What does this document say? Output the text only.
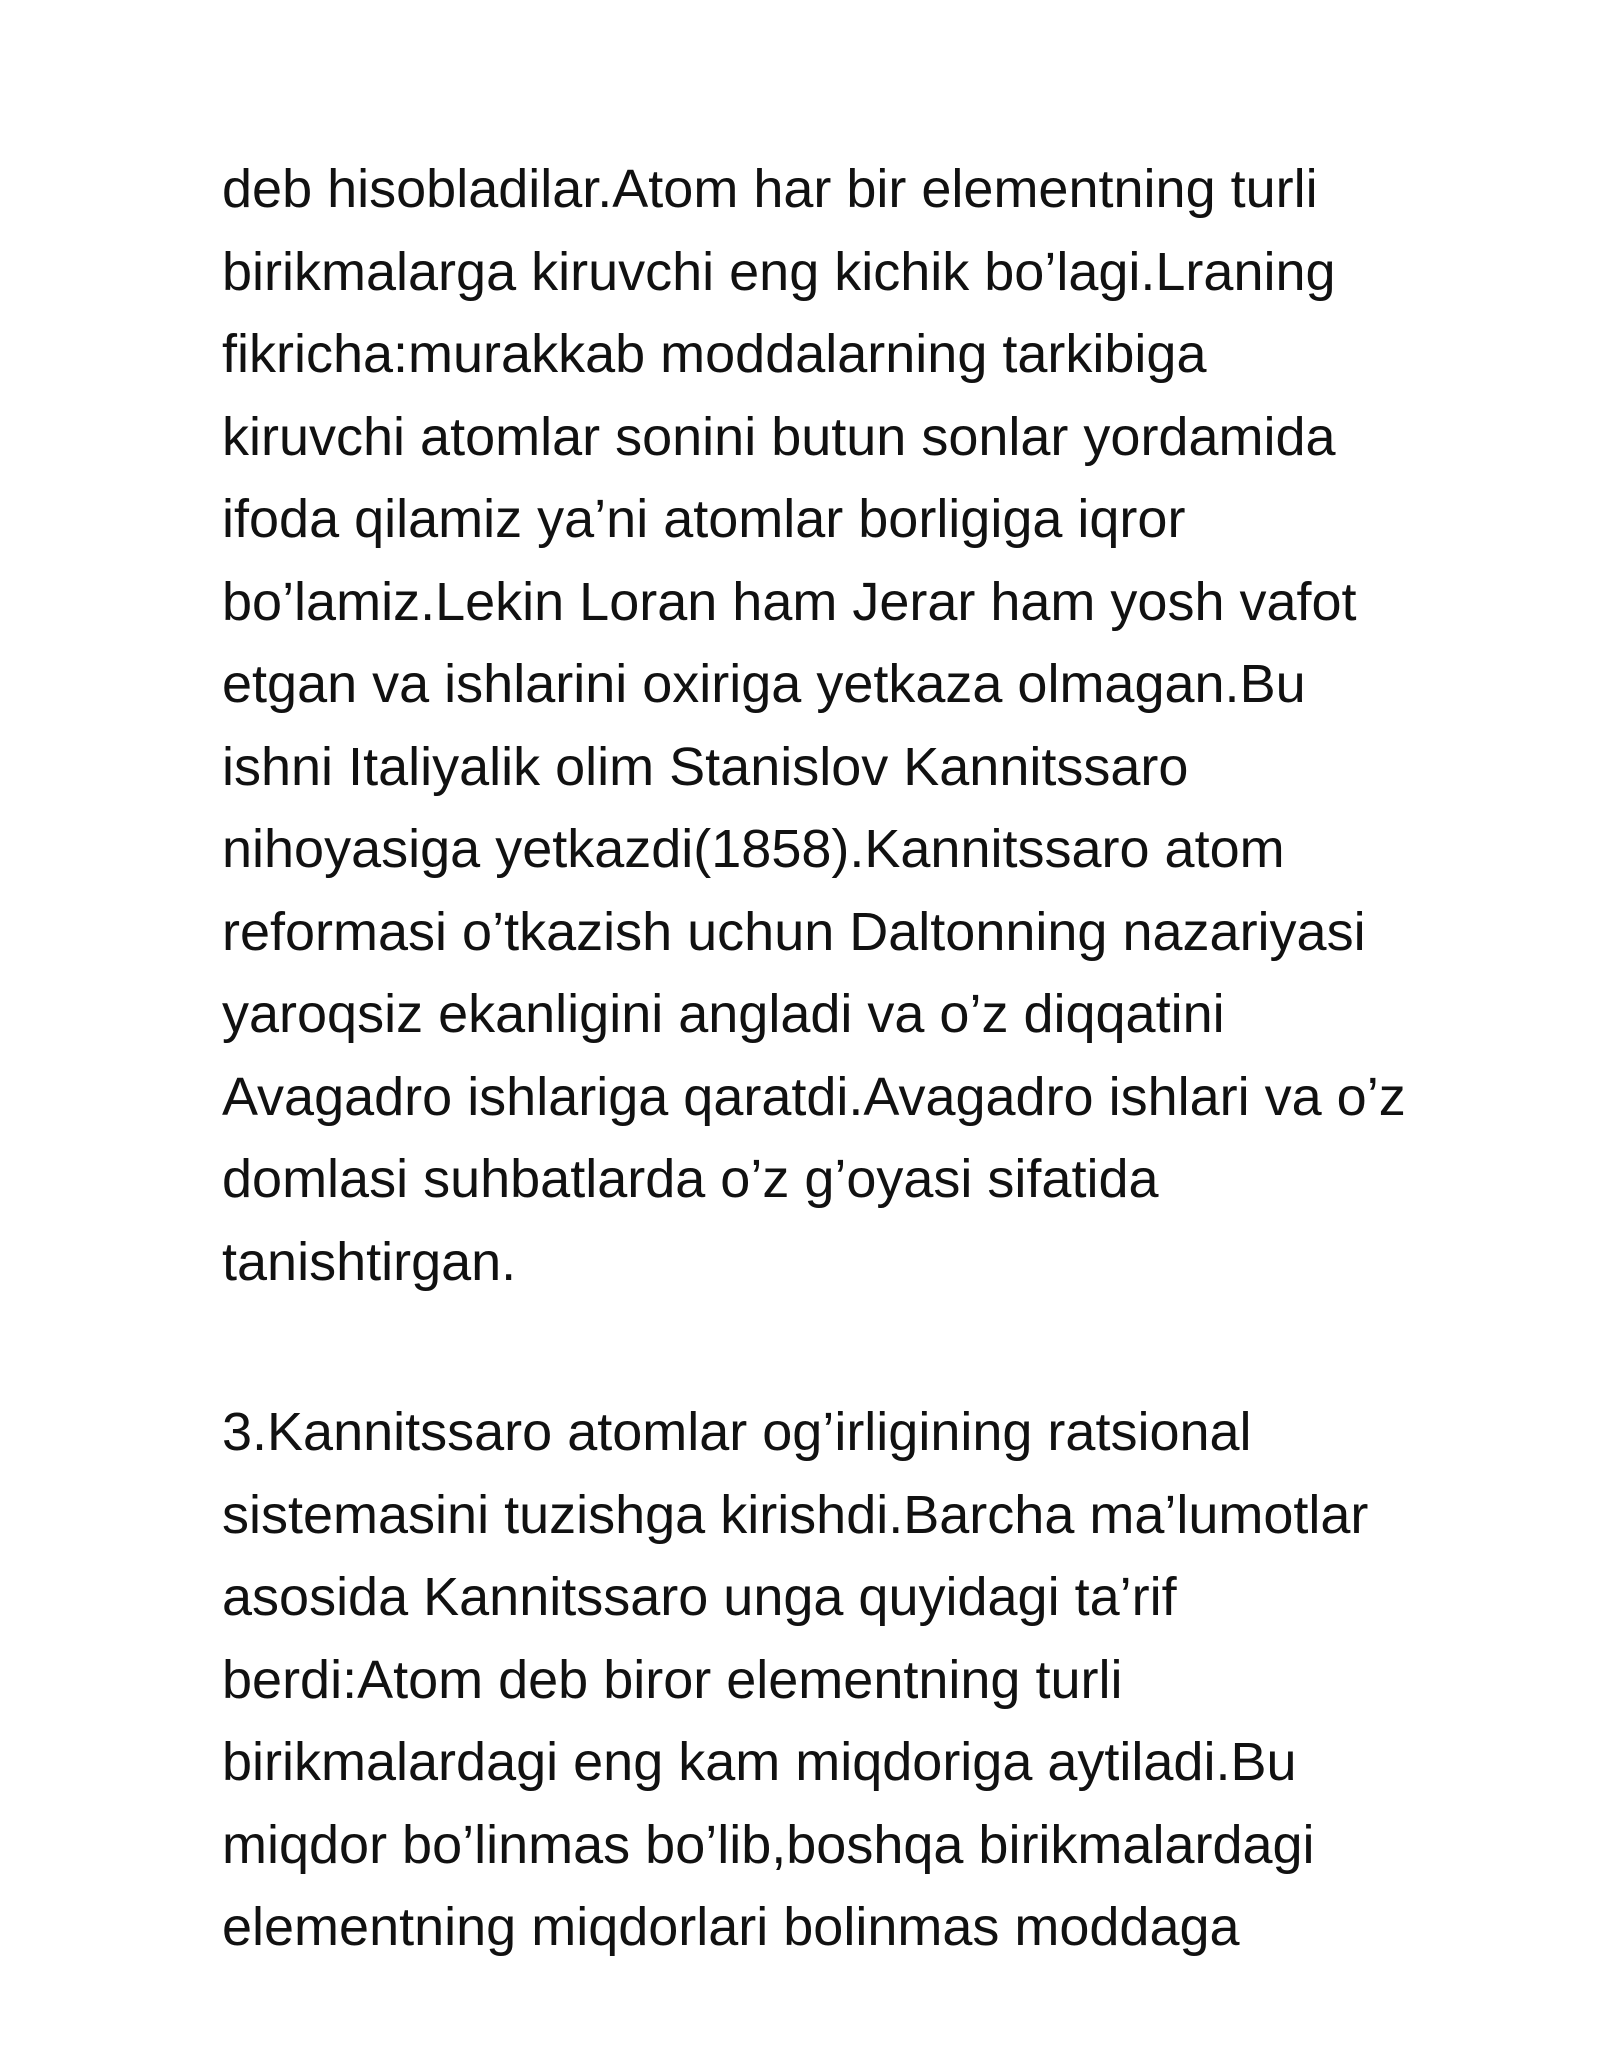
deb hisobladilar.Atom har bir elementning turli
birikmalarga kiruvchi eng kichik bo’lagi.Lraning
fikricha:murakkab moddalarning tarkibiga
kiruvchi atomlar sonini butun sonlar yordamida
ifoda qilamiz ya’ni atomlar borligiga iqror
bo’lamiz.Lekin Loran ham Jerar ham yosh vafot
etgan va ishlarini oxiriga yetkaza olmagan.Bu
ishni Italiyalik olim Stanislov Kannitssaro
nihoyasiga yetkazdi(1858).Kannitssaro atom
reformasi o’tkazish uchun Daltonning nazariyasi
yaroqsiz ekanligini angladi va o’z diqqatini
Avagadro ishlariga qaratdi.Avagadro ishlari va o’z
domlasi suhbatlarda o’z g’oyasi sifatida
tanishtirgan.
3.Kannitssaro atomlar og’irligining ratsional
sistemasini tuzishga kirishdi.Barcha ma’lumotlar
asosida Kannitssaro unga quyidagi ta’rif
berdi:Atom deb biror elementning turli
birikmalardagi eng kam miqdoriga aytiladi.Bu
miqdor bo’linmas bo’lib,boshqa birikmalardagi
elementning miqdorlari bolinmas moddaga
